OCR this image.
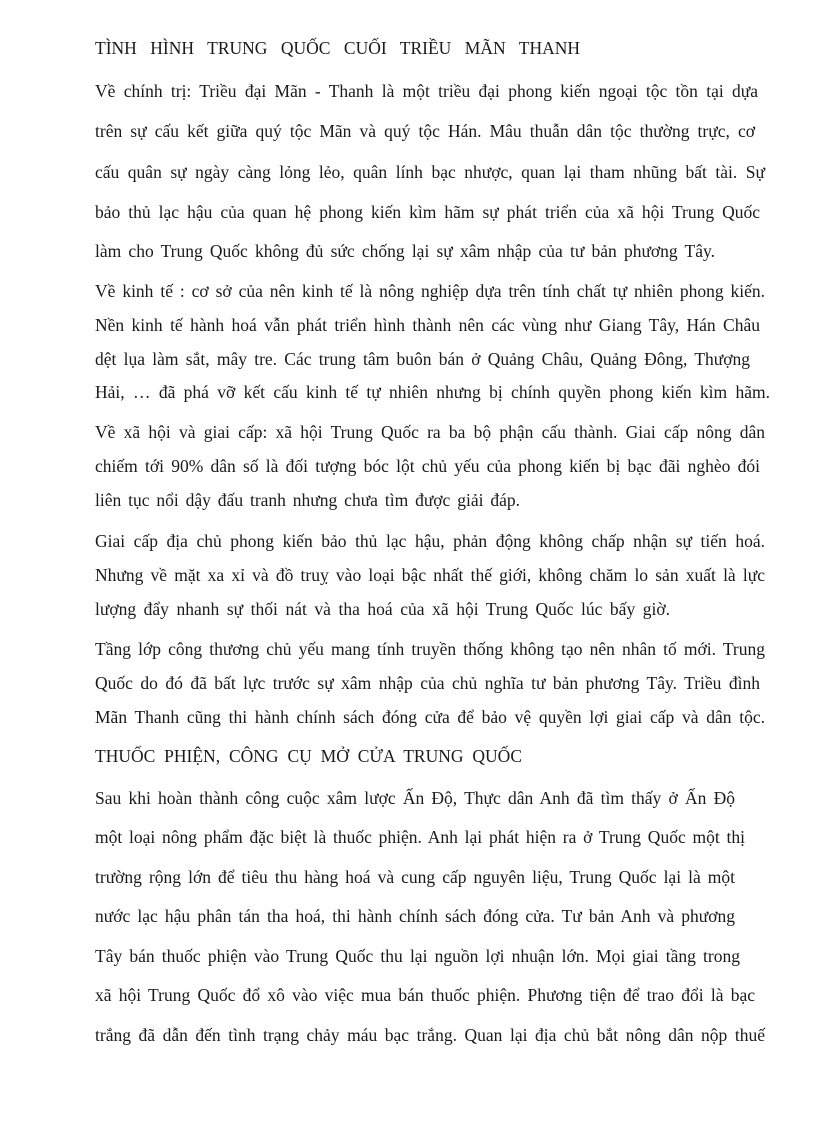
TÌNH HÌNH TRUNG QUỐC CUỐI TRIỀU MÃN THANH
Về chính trị: Triều đại Mãn - Thanh là một triều đại phong kiến ngoại tộc tồn tại dựa
trên sự cấu kết giữa quý tộc Mãn và quý tộc Hán. Mâu thuẫn dân tộc thường trực, cơ
cấu quân sự ngày càng lỏng lẻo, quân lính bạc nhược, quan lại tham nhũng bất tài. Sự
bảo thủ lạc hậu của quan hệ phong kiến kìm hãm sự phát triển của xã hội Trung Quốc
làm cho Trung Quốc không đủ sức chống lại sự xâm nhập của tư bản phương Tây.
Về kinh tế : cơ sở của nên kinh tế là nông nghiệp dựa trên tính chất tự nhiên phong kiến.
Nền kinh tế hành hoá vẫn phát triển hình thành nên các vùng như Giang Tây, Hán Châu
dệt lụa làm sắt, mây tre. Các trung tâm buôn bán ở Quảng Châu, Quảng Đông, Thượng
Hải, … đã phá vỡ kết cấu kinh tế tự nhiên nhưng bị chính quyền phong kiến kìm hãm.
Về xã hội và giai cấp: xã hội Trung Quốc ra ba bộ phận cấu thành. Giai cấp nông dân
chiếm tới 90% dân số là đối tượng bóc lột chủ yếu của phong kiến bị bạc đãi nghèo đói
liên tục nổi dậy đấu tranh nhưng chưa tìm được giải đáp.
Giai cấp địa chủ phong kiến bảo thủ lạc hậu, phản động không chấp nhận sự tiến hoá.
Nhưng về mặt xa xỉ và đồ truỵ vào loại bậc nhất thế giới, không chăm lo sản xuất là lực
lượng đẩy nhanh sự thối nát và tha hoá của xã hội Trung Quốc lúc bấy giờ.
Tầng lớp công thương chủ yếu mang tính truyền thống không tạo nên nhân tố mới. Trung
Quốc do đó đã bất lực trước sự xâm nhập của chủ nghĩa tư bản phương Tây. Triều đình
Mãn Thanh cũng thi hành chính sách đóng cửa để bảo vệ quyền lợi giai cấp và dân tộc.
THUỐC PHIỆN, CÔNG CỤ MỞ CỬA TRUNG QUỐC
Sau khi hoàn thành công cuộc xâm lược Ấn Độ, Thực dân Anh đã tìm thấy ở Ấn Độ
một loại nông phẩm đặc biệt là thuốc phiện. Anh lại phát hiện ra ở Trung Quốc một thị
trường rộng lớn để tiêu thu hàng hoá và cung cấp nguyên liệu, Trung Quốc lại là một
nước lạc hậu phân tán tha hoá, thi hành chính sách đóng cửa. Tư bản Anh và phương
Tây bán thuốc phiện vào Trung Quốc thu lại nguồn lợi nhuận lớn. Mọi giai tầng trong
xã hội Trung Quốc đổ xô vào việc mua bán thuốc phiện. Phương tiện để trao đổi là bạc
trắng đã dẫn đến tình trạng chảy máu bạc trắng. Quan lại địa chủ bắt nông dân nộp thuế
